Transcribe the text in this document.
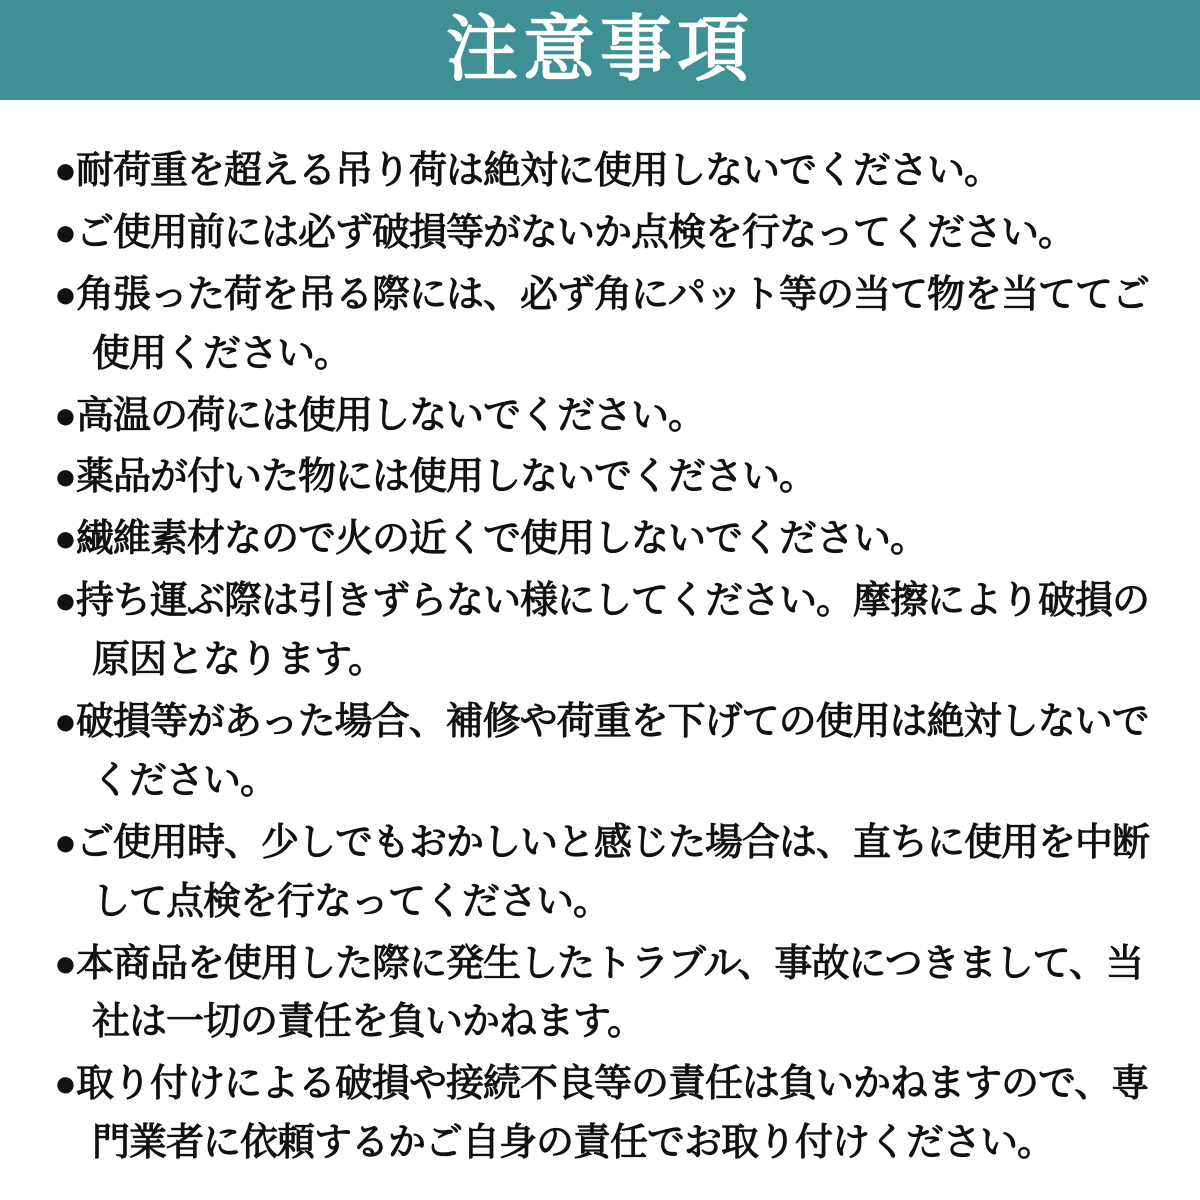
注意事項
●耐荷重を超える吊り荷は絶対に使用しないでください。
●ご使用前には必ず破損等がないか点検を行なってください。
●角張った荷を吊る際には、必ず角にパット等の当て物を当ててご使用ください。
●高温の荷には使用しないでください。
●薬品が付いた物には使用しないでください。
●繊維素材なので火の近くで使用しないでください。
●持ち運ぶ際は引きずらない様にしてください。摩擦により破損の原因となります。
●破損等があった場合、補修や荷重を下げての使用は絶対しないでください。
●ご使用時、少しでもおかしいと感じた場合は、直ちに使用を中断して点検を行なってください。
●本商品を使用した際に発生したトラブル、事故につきまして、当社は一切の責任を負いかねます。
●取り付けによる破損や接続不良等の責任は負いかねますので、専門業者に依頼するかご自身の責任でお取り付けください。
